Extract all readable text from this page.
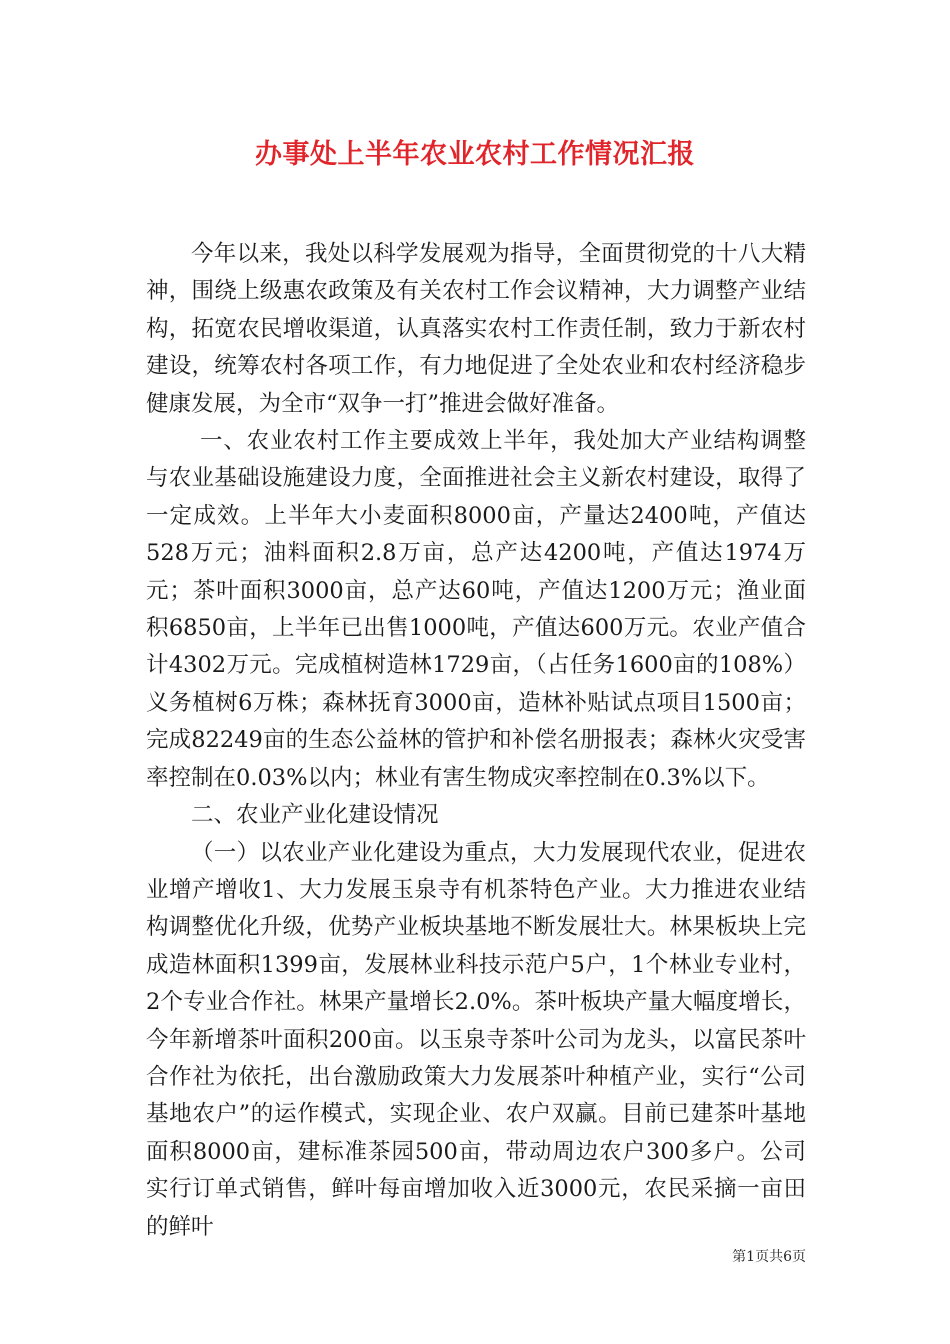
办事处上半年农业农村工作情况汇报

今年以来，我处以科学发展观为指导，全面贯彻党的十八大精神，围绕上级惠农政策及有关农村工作会议精神，大力调整产业结构，拓宽农民增收渠道，认真落实农村工作责任制，致力于新农村建设，统筹农村各项工作，有力地促进了全处农业和农村经济稳步健康发展，为全市“双争一打”推进会做好准备。

一、农业农村工作主要成效上半年，我处加大产业结构调整与农业基础设施建设力度，全面推进社会主义新农村建设，取得了一定成效。上半年大小麦面积8000亩，产量达2400吨，产值达528万元；油料面积2.8万亩，总产达4200吨，产值达1974万元；茶叶面积3000亩，总产达60吨，产值达1200万元；渔业面积6850亩，上半年已出售1000吨，产值达600万元。农业产值合计4302万元。完成植树造林1729亩，（占任务1600亩的108%）义务植树6万株；森林抚育3000亩，造林补贴试点项目1500亩；完成82249亩的生态公益林的管护和补偿名册报表；森林火灾受害率控制在0.03%以内；林业有害生物成灾率控制在0.3%以下。

二、农业产业化建设情况

（一）以农业产业化建设为重点，大力发展现代农业，促进农业增产增收1、大力发展玉泉寺有机茶特色产业。大力推进农业结构调整优化升级，优势产业板块基地不断发展壮大。林果板块上完成造林面积1399亩，发展林业科技示范户5户，1个林业专业村，2个专业合作社。林果产量增长2.0%。茶叶板块产量大幅度增长，今年新增茶叶面积200亩。以玉泉寺茶叶公司为龙头，以富民茶叶合作社为依托，出台激励政策大力发展茶叶种植产业，实行“公司基地农户”的运作模式，实现企业、农户双赢。目前已建茶叶基地面积8000亩，建标准茶园500亩，带动周边农户300多户。公司实行订单式销售，鲜叶每亩增加收入近3000元，农民采摘一亩田的鲜叶

第1页共6页
